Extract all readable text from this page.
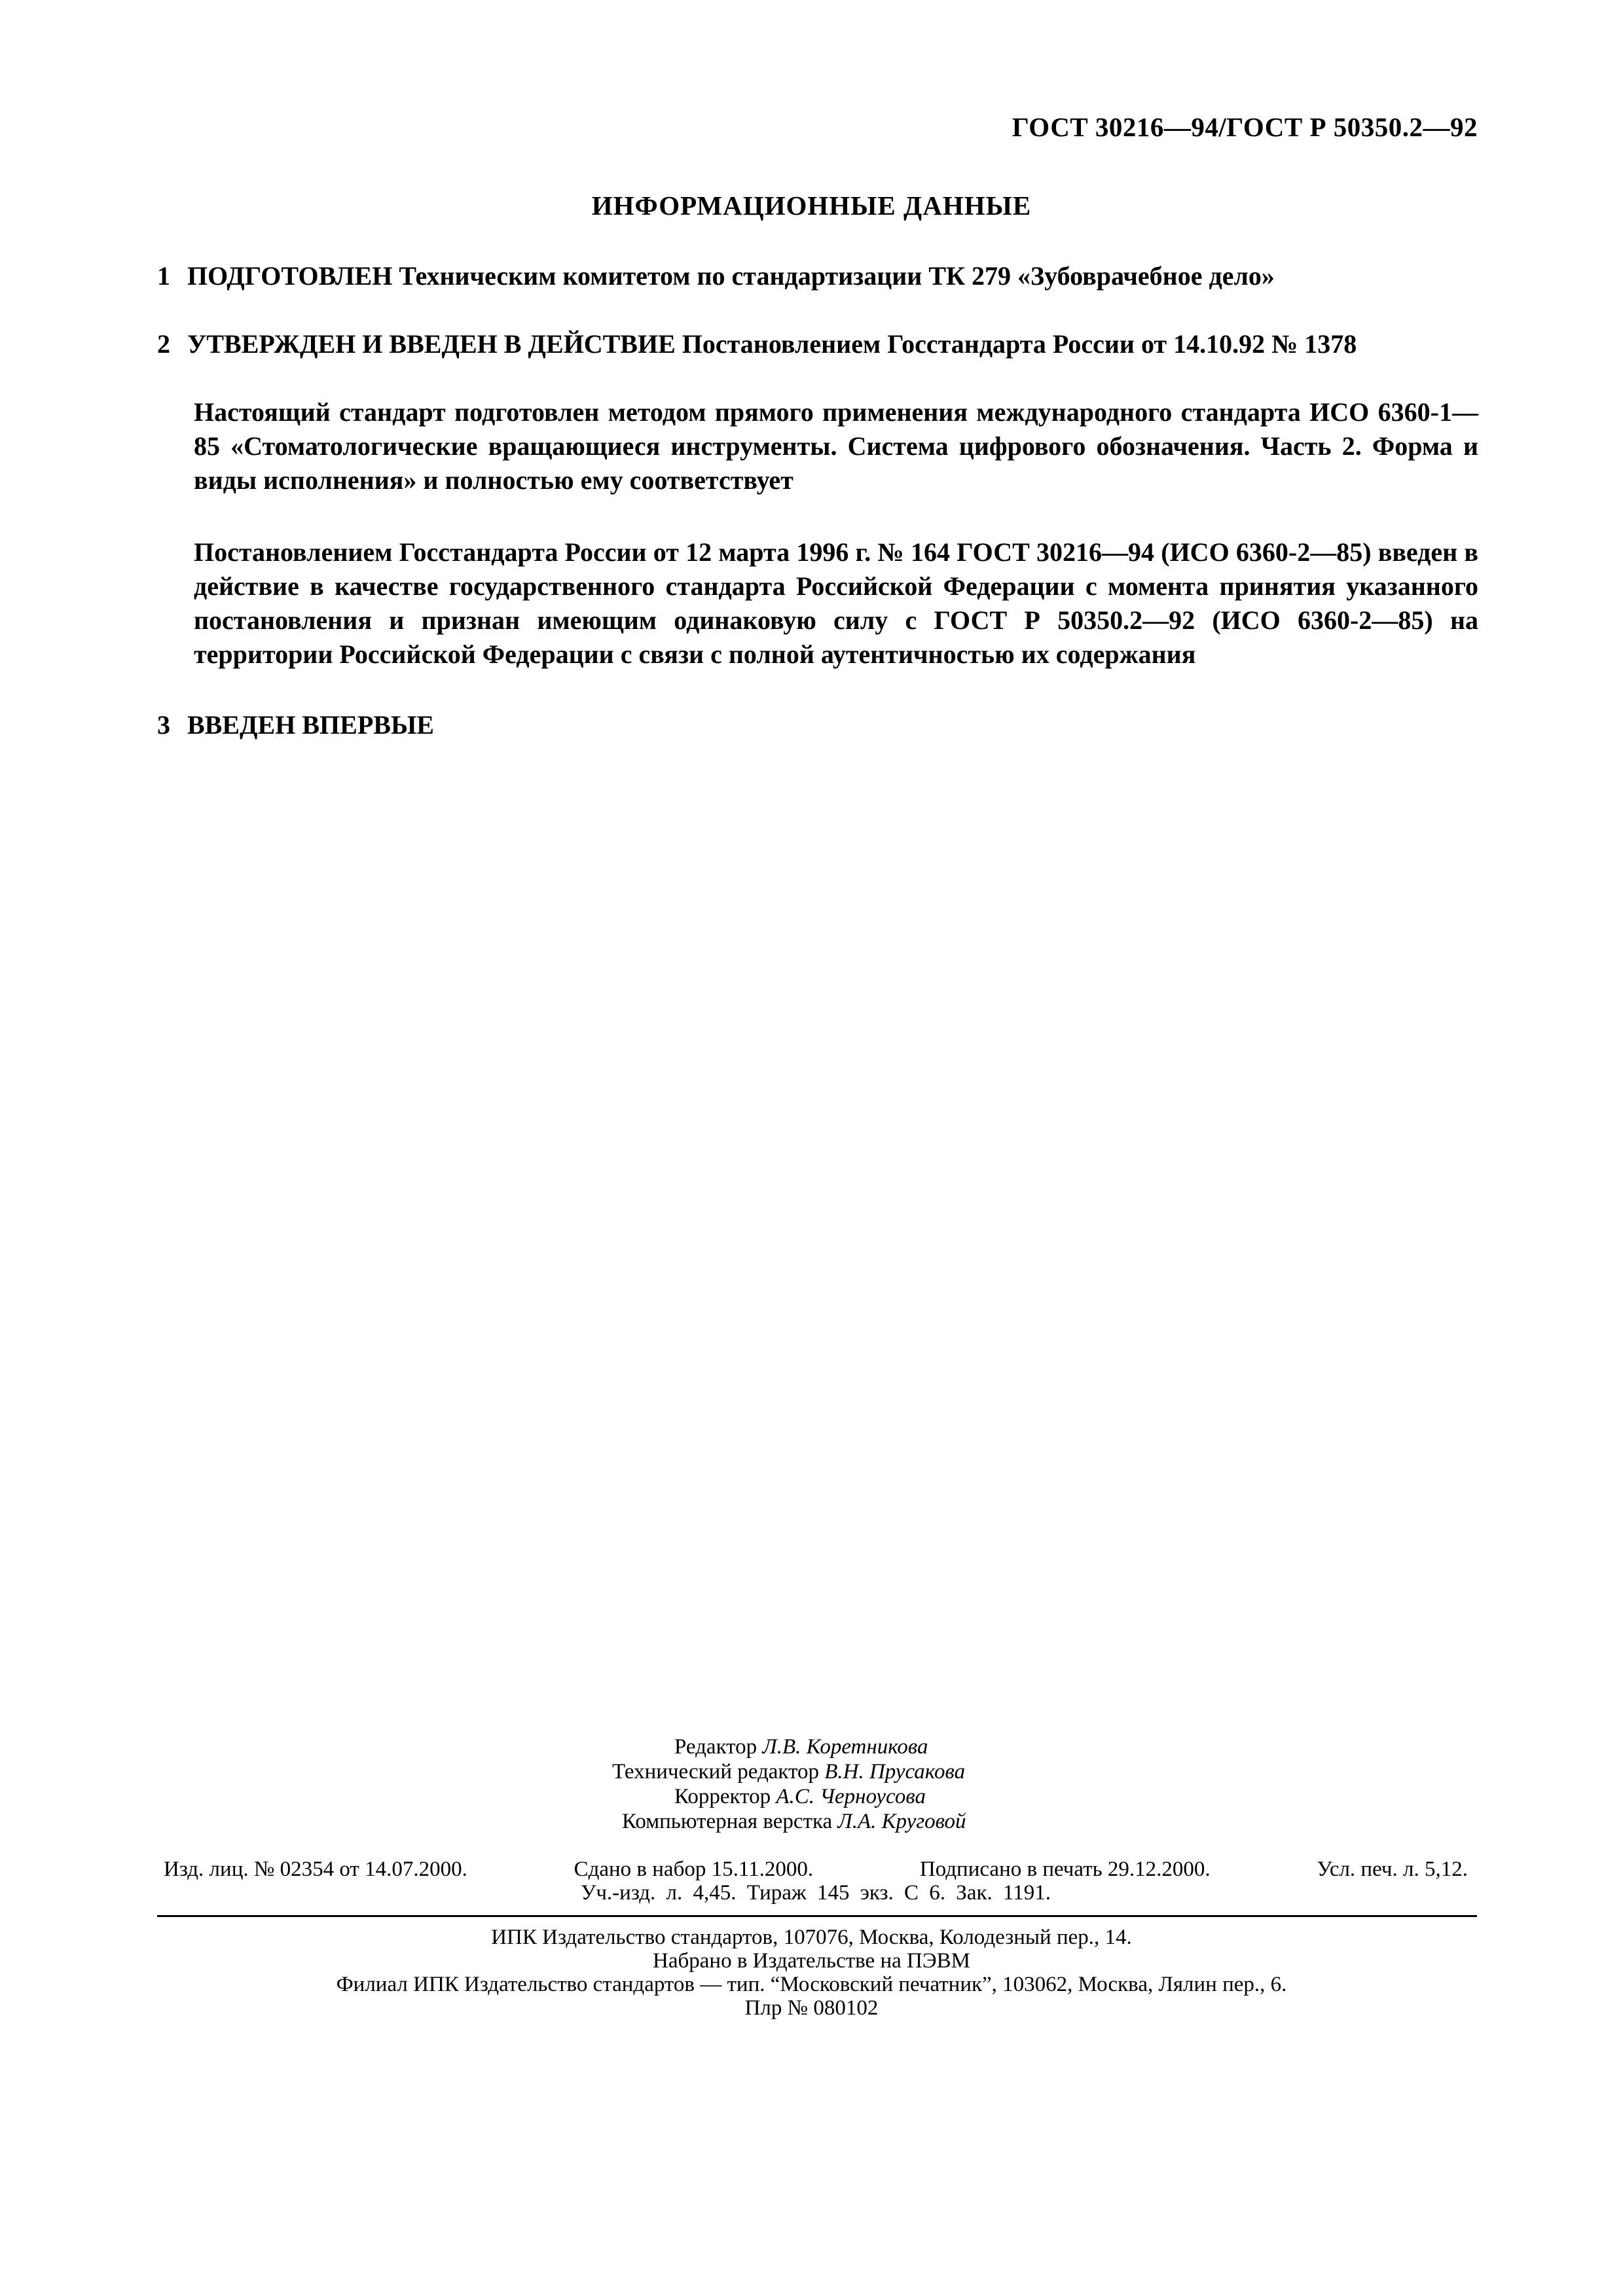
ГОСТ 30216—94/ГОСТ Р 50350.2—92
ИНФОРМАЦИОННЫЕ ДАННЫЕ
1 ПОДГОТОВЛЕН Техническим комитетом по стандартизации ТК 279 «Зубоврачебное дело»
2 УТВЕРЖДЕН И ВВЕДЕН В ДЕЙСТВИЕ Постановлением Госстандарта России от 14.10.92 № 1378
Настоящий стандарт подготовлен методом прямого применения международного стандарта ИСО 6360-1—85 «Стоматологические вращающиеся инструменты. Система цифрового обозначения. Часть 2. Форма и виды исполнения» и полностью ему соответствует
Постановлением Госстандарта России от 12 марта 1996 г. № 164 ГОСТ 30216—94 (ИСО 6360-2—85) введен в действие в качестве государственного стандарта Российской Федерации с момента принятия указанного постановления и признан имеющим одинаковую силу с ГОСТ Р 50350.2—92 (ИСО 6360-2—85) на территории Российской Федерации с связи с полной аутентичностью их содержания
3 ВВЕДЕН ВПЕРВЫЕ
Редактор Л.В. Коретникова
Технический редактор В.Н. Прусакова
Корректор А.С. Черноусова
Компьютерная верстка Л.А. Круговой
Изд. лиц. № 02354 от 14.07.2000.	Сдано в набор 15.11.2000.	Подписано в печать 29.12.2000.	Усл. печ. л. 5,12.
Уч.-изд. л. 4,45. Тираж 145 экз. С 6. Зак. 1191.
ИПК Издательство стандартов, 107076, Москва, Колодезный пер., 14.
Набрано в Издательстве на ПЭВМ
Филиал ИПК Издательство стандартов — тип. “Московский печатник”, 103062, Москва, Лялин пер., 6.
Плр № 080102
